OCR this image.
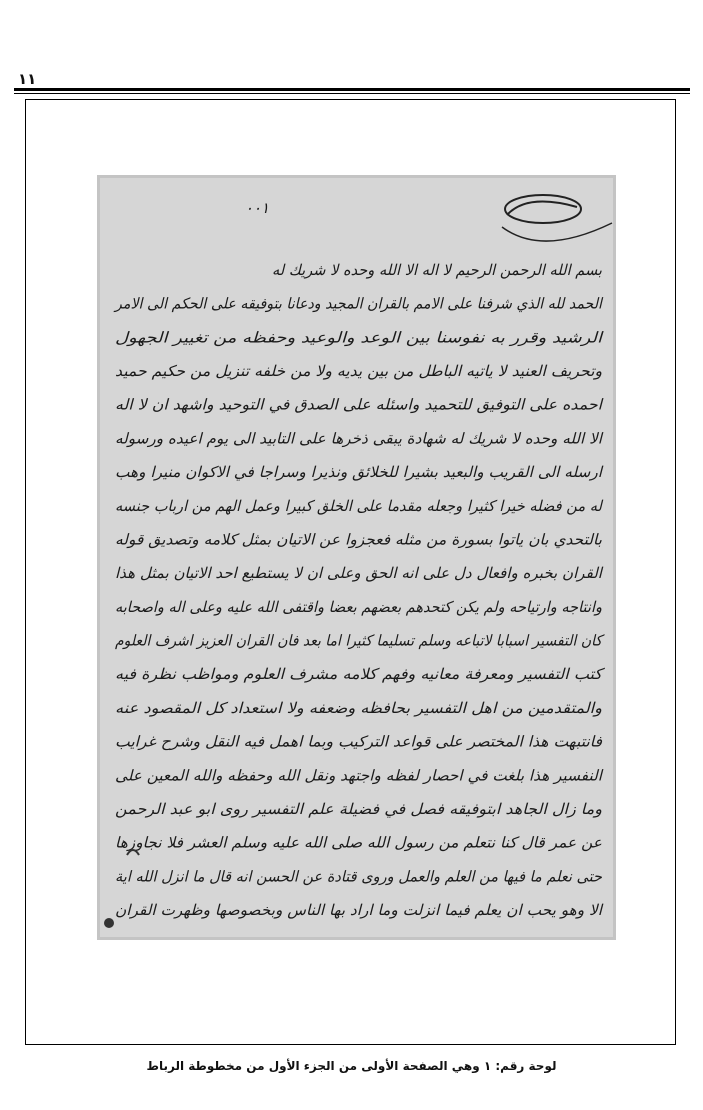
١١
٠٠١
بسم الله الرحمن الرحيم لا اله الا الله وحده لا شريك له
الحمد لله الذي شرفنا على الامم بالقران المجيد ودعانا بتوفيقه على الحكم الى الامر
الرشيد وقرر به نفوسنا بين الوعد والوعيد وحفظه من تغيير الجهول
وتحريف العنيد لا ياتيه الباطل من بين يديه ولا من خلفه تنزيل من حكيم حميد
احمده على التوفيق للتحميد واسئله على الصدق في التوحيد واشهد ان لا اله
الا الله وحده لا شريك له شهادة يبقى ذخرها على التابيد الى يوم اعيده ورسوله
ارسله الى القريب والبعيد بشيرا للخلائق ونذيرا وسراجا في الاكوان منيرا وهب
له من فضله خيرا كثيرا وجعله مقدما على الخلق كبيرا وعمل الهم من ارباب جنسه
بالتحدي بان ياتوا بسورة من مثله فعجزوا عن الاتيان بمثل كلامه وتصديق قوله
القران بخبره وافعال دل على انه الحق وعلى ان لا يستطيع احد الاتيان بمثل هذا
وانتاجه وارتياحه ولم يكن كتحدهم بعضهم بعضا واقتفى الله عليه وعلى اله واصحابه
كان التفسير اسبابا لاتباعه وسلم تسليما كثيرا اما بعد فان القران العزيز اشرف العلوم
كتب التفسير ومعرفة معانيه وفهم كلامه مشرف العلوم ومواظب نظرة فيه
والمتقدمين من اهل التفسير بحافظه وضعفه ولا استعداد كل المقصود عنه
فانتبهت هذا المختصر على قواعد التركيب وبما اهمل فيه النقل وشرح غرايب
النفسير هذا بلغت في احصار لفظه واجتهد ونقل الله وحفظه والله المعين على
وما زال الجاهد ابتوفيقه فصل في فضيلة علم التفسير روى ابو عبد الرحمن
عن عمر قال كنا نتعلم من رسول الله صلى الله عليه وسلم العشر فلا نجاوزها
حتى نعلم ما فيها من العلم والعمل وروى قتادة عن الحسن انه قال ما انزل الله اية
الا وهو يحب ان يعلم فيما انزلت وما اراد بها الناس وبخصوصها وظهرت القران
لوحة رقم: ١ وهي الصفحة الأولى من الجزء الأول من مخطوطة الرباط
